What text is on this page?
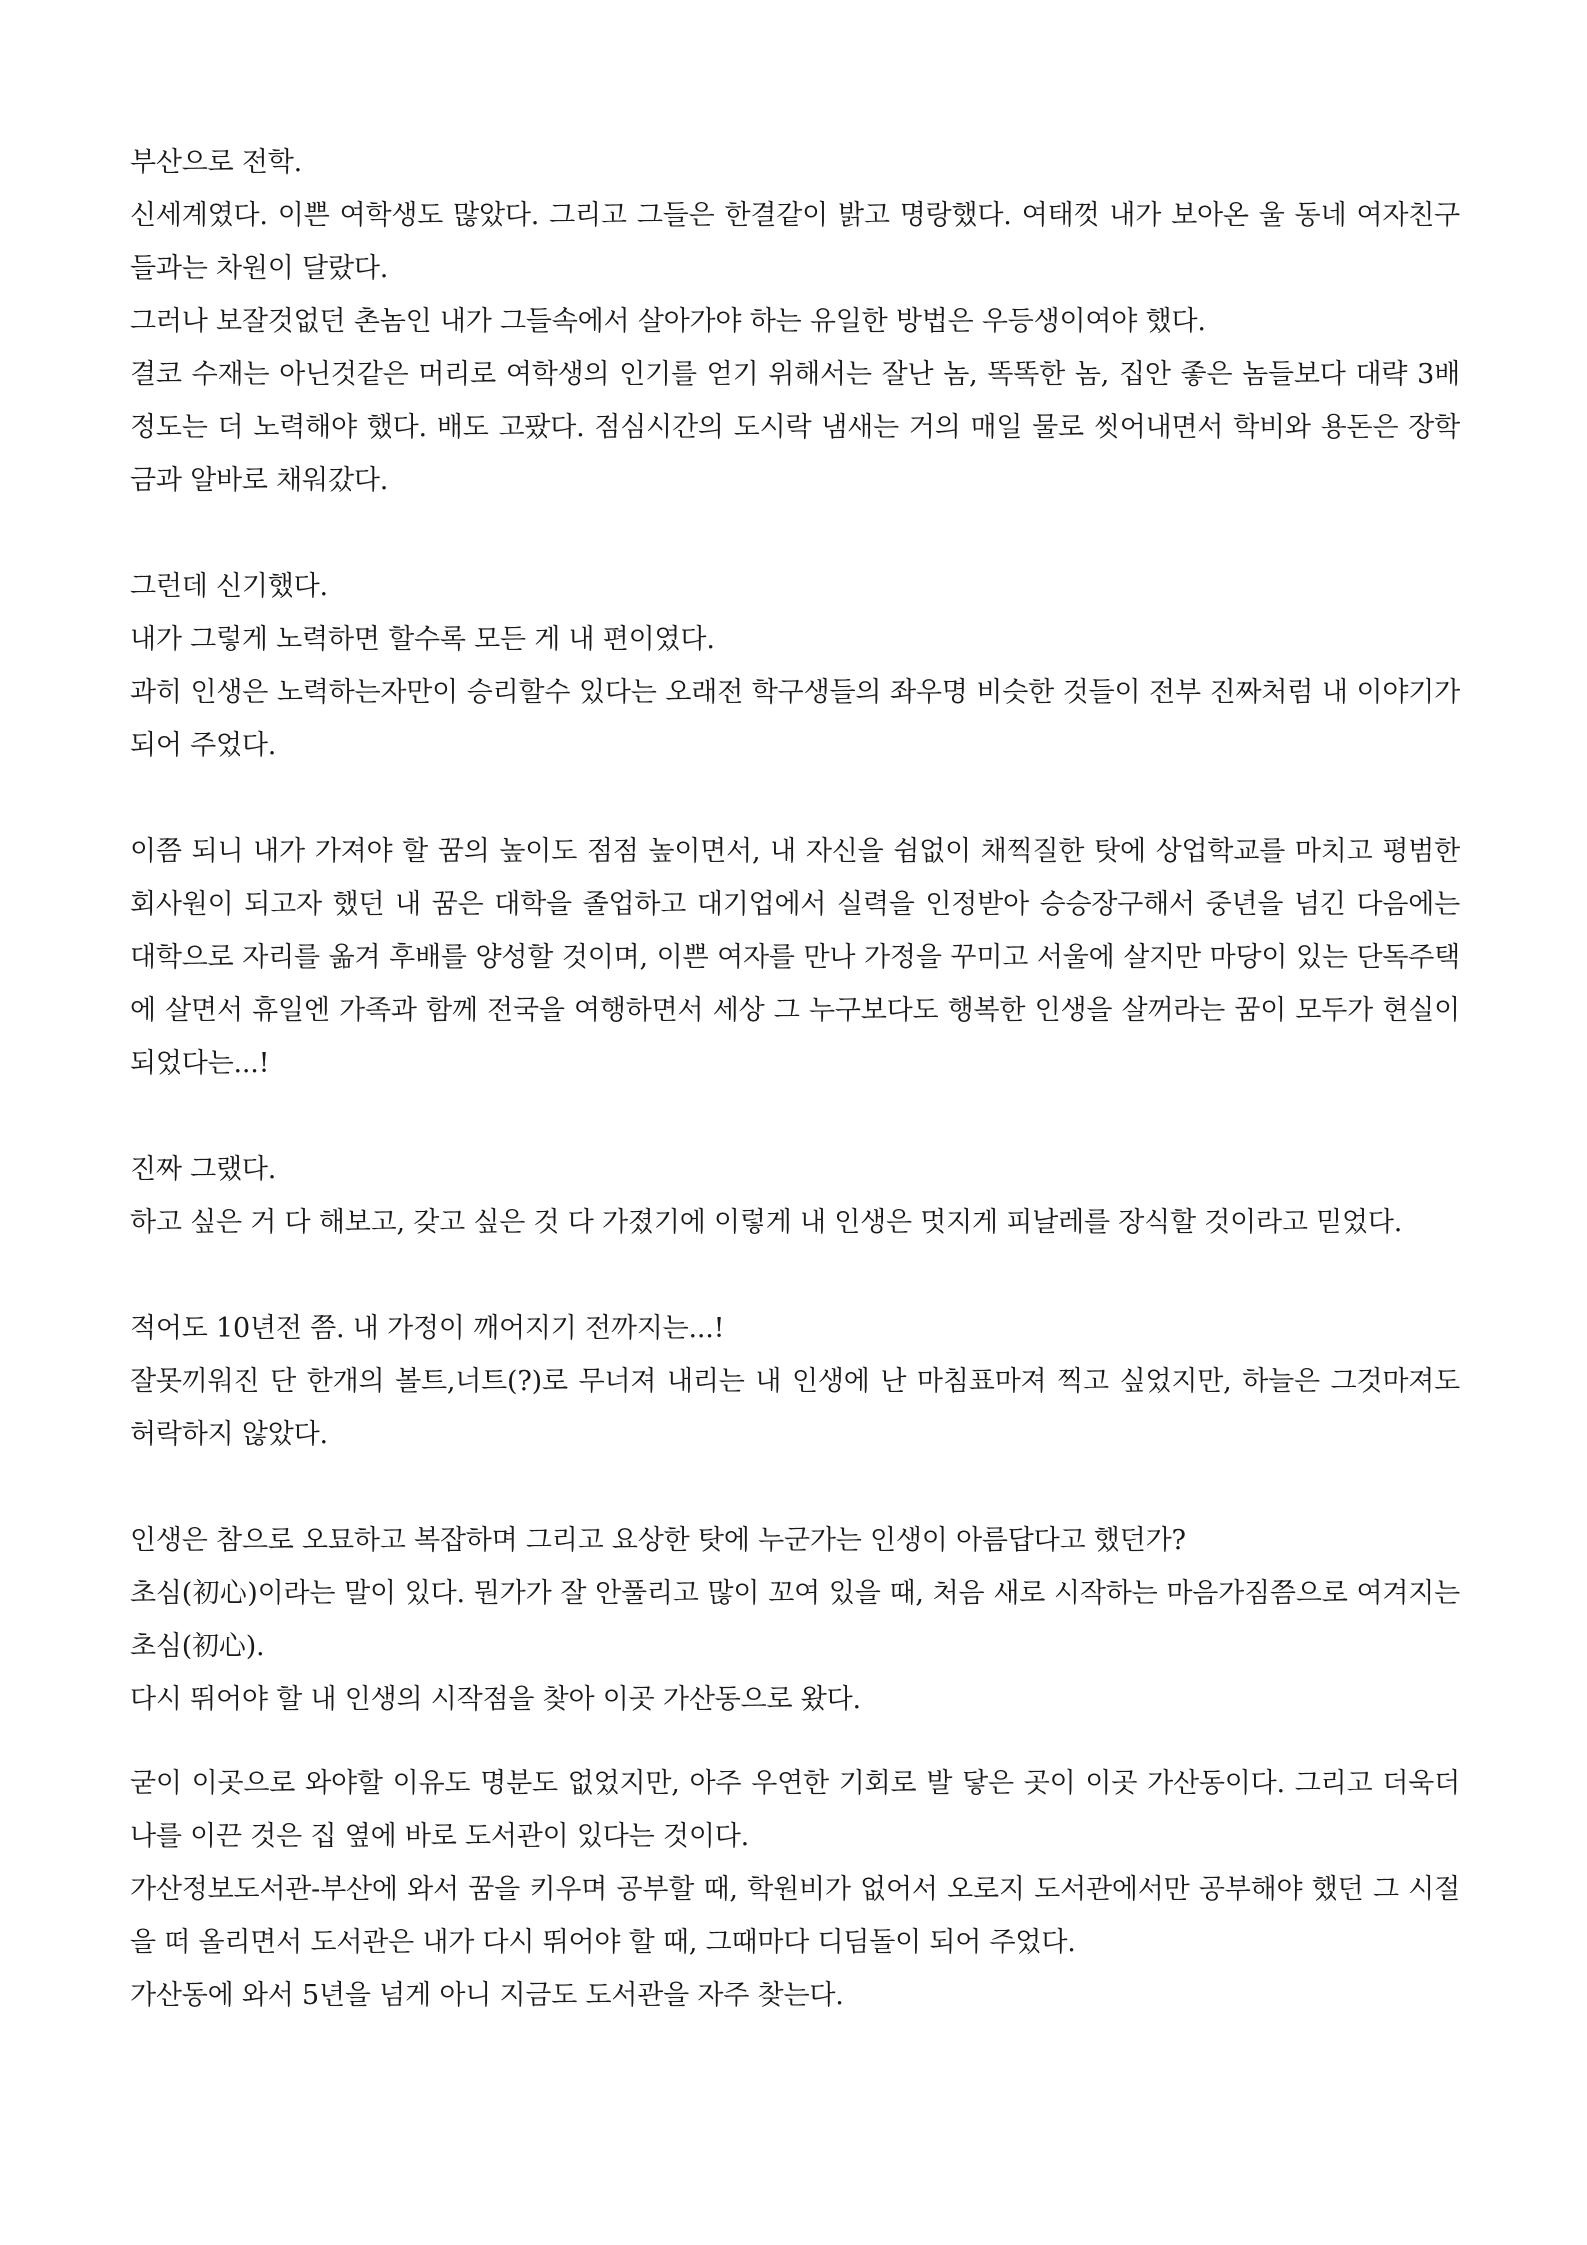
부산으로 전학.

신세계였다. 이쁜 여학생도 많았다. 그리고 그들은 한결같이 밝고 명랑했다. 여태껏 내가 보아온 울 동네 여자친구들과는 차원이 달랐다.

그러나 보잘것없던 촌놈인 내가 그들속에서 살아가야 하는 유일한 방법은 우등생이여야 했다.

결코 수재는 아닌것같은 머리로 여학생의 인기를 얻기 위해서는 잘난 놈, 똑똑한 놈, 집안 좋은 놈들보다 대략 3배정도는 더 노력해야 했다. 배도 고팠다. 점심시간의 도시락 냄새는 거의 매일 물로 씻어내면서 학비와 용돈은 장학금과 알바로 채워갔다.

그런데 신기했다.

내가 그렇게 노력하면 할수록 모든 게 내 편이였다.

과히 인생은 노력하는자만이 승리할수 있다는 오래전 학구생들의 좌우명 비슷한 것들이 전부 진짜처럼 내 이야기가 되어 주었다.

이쯤 되니 내가 가져야 할 꿈의 높이도 점점 높이면서, 내 자신을 쉼없이 채찍질한 탓에 상업학교를 마치고 평범한 회사원이 되고자 했던 내 꿈은 대학을 졸업하고 대기업에서 실력을 인정받아 승승장구해서 중년을 넘긴 다음에는 대학으로 자리를 옮겨 후배를 양성할 것이며, 이쁜 여자를 만나 가정을 꾸미고 서울에 살지만 마당이 있는 단독주택에 살면서 휴일엔 가족과 함께 전국을 여행하면서 세상 그 누구보다도 행복한 인생을 살꺼라는 꿈이 모두가 현실이 되었다는...!

진짜 그랬다.

하고 싶은 거 다 해보고, 갖고 싶은 것 다 가졌기에 이렇게 내 인생은 멋지게 피날레를 장식할 것이라고 믿었다.

적어도 10년전 쯤. 내 가정이 깨어지기 전까지는...!

잘못끼워진 단 한개의 볼트,너트(?)로 무너져 내리는 내 인생에 난 마침표마져 찍고 싶었지만, 하늘은 그것마져도 허락하지 않았다.

인생은 참으로 오묘하고 복잡하며 그리고 요상한 탓에 누군가는 인생이 아름답다고 했던가?

초심(初心)이라는 말이 있다. 뭔가가 잘 안풀리고 많이 꼬여 있을 때, 처음 새로 시작하는 마음가짐쯤으로 여겨지는 초심(初心).

다시 뛰어야 할 내 인생의 시작점을 찾아 이곳 가산동으로 왔다.

굳이 이곳으로 와야할 이유도 명분도 없었지만, 아주 우연한 기회로 발 닿은 곳이 이곳 가산동이다. 그리고 더욱더 나를 이끈 것은 집 옆에 바로 도서관이 있다는 것이다.

가산정보도서관-부산에 와서 꿈을 키우며 공부할 때, 학원비가 없어서 오로지 도서관에서만 공부해야 했던 그 시절을 떠 올리면서 도서관은 내가 다시 뛰어야 할 때, 그때마다 디딤돌이 되어 주었다.

가산동에 와서 5년을 넘게 아니 지금도 도서관을 자주 찾는다.
